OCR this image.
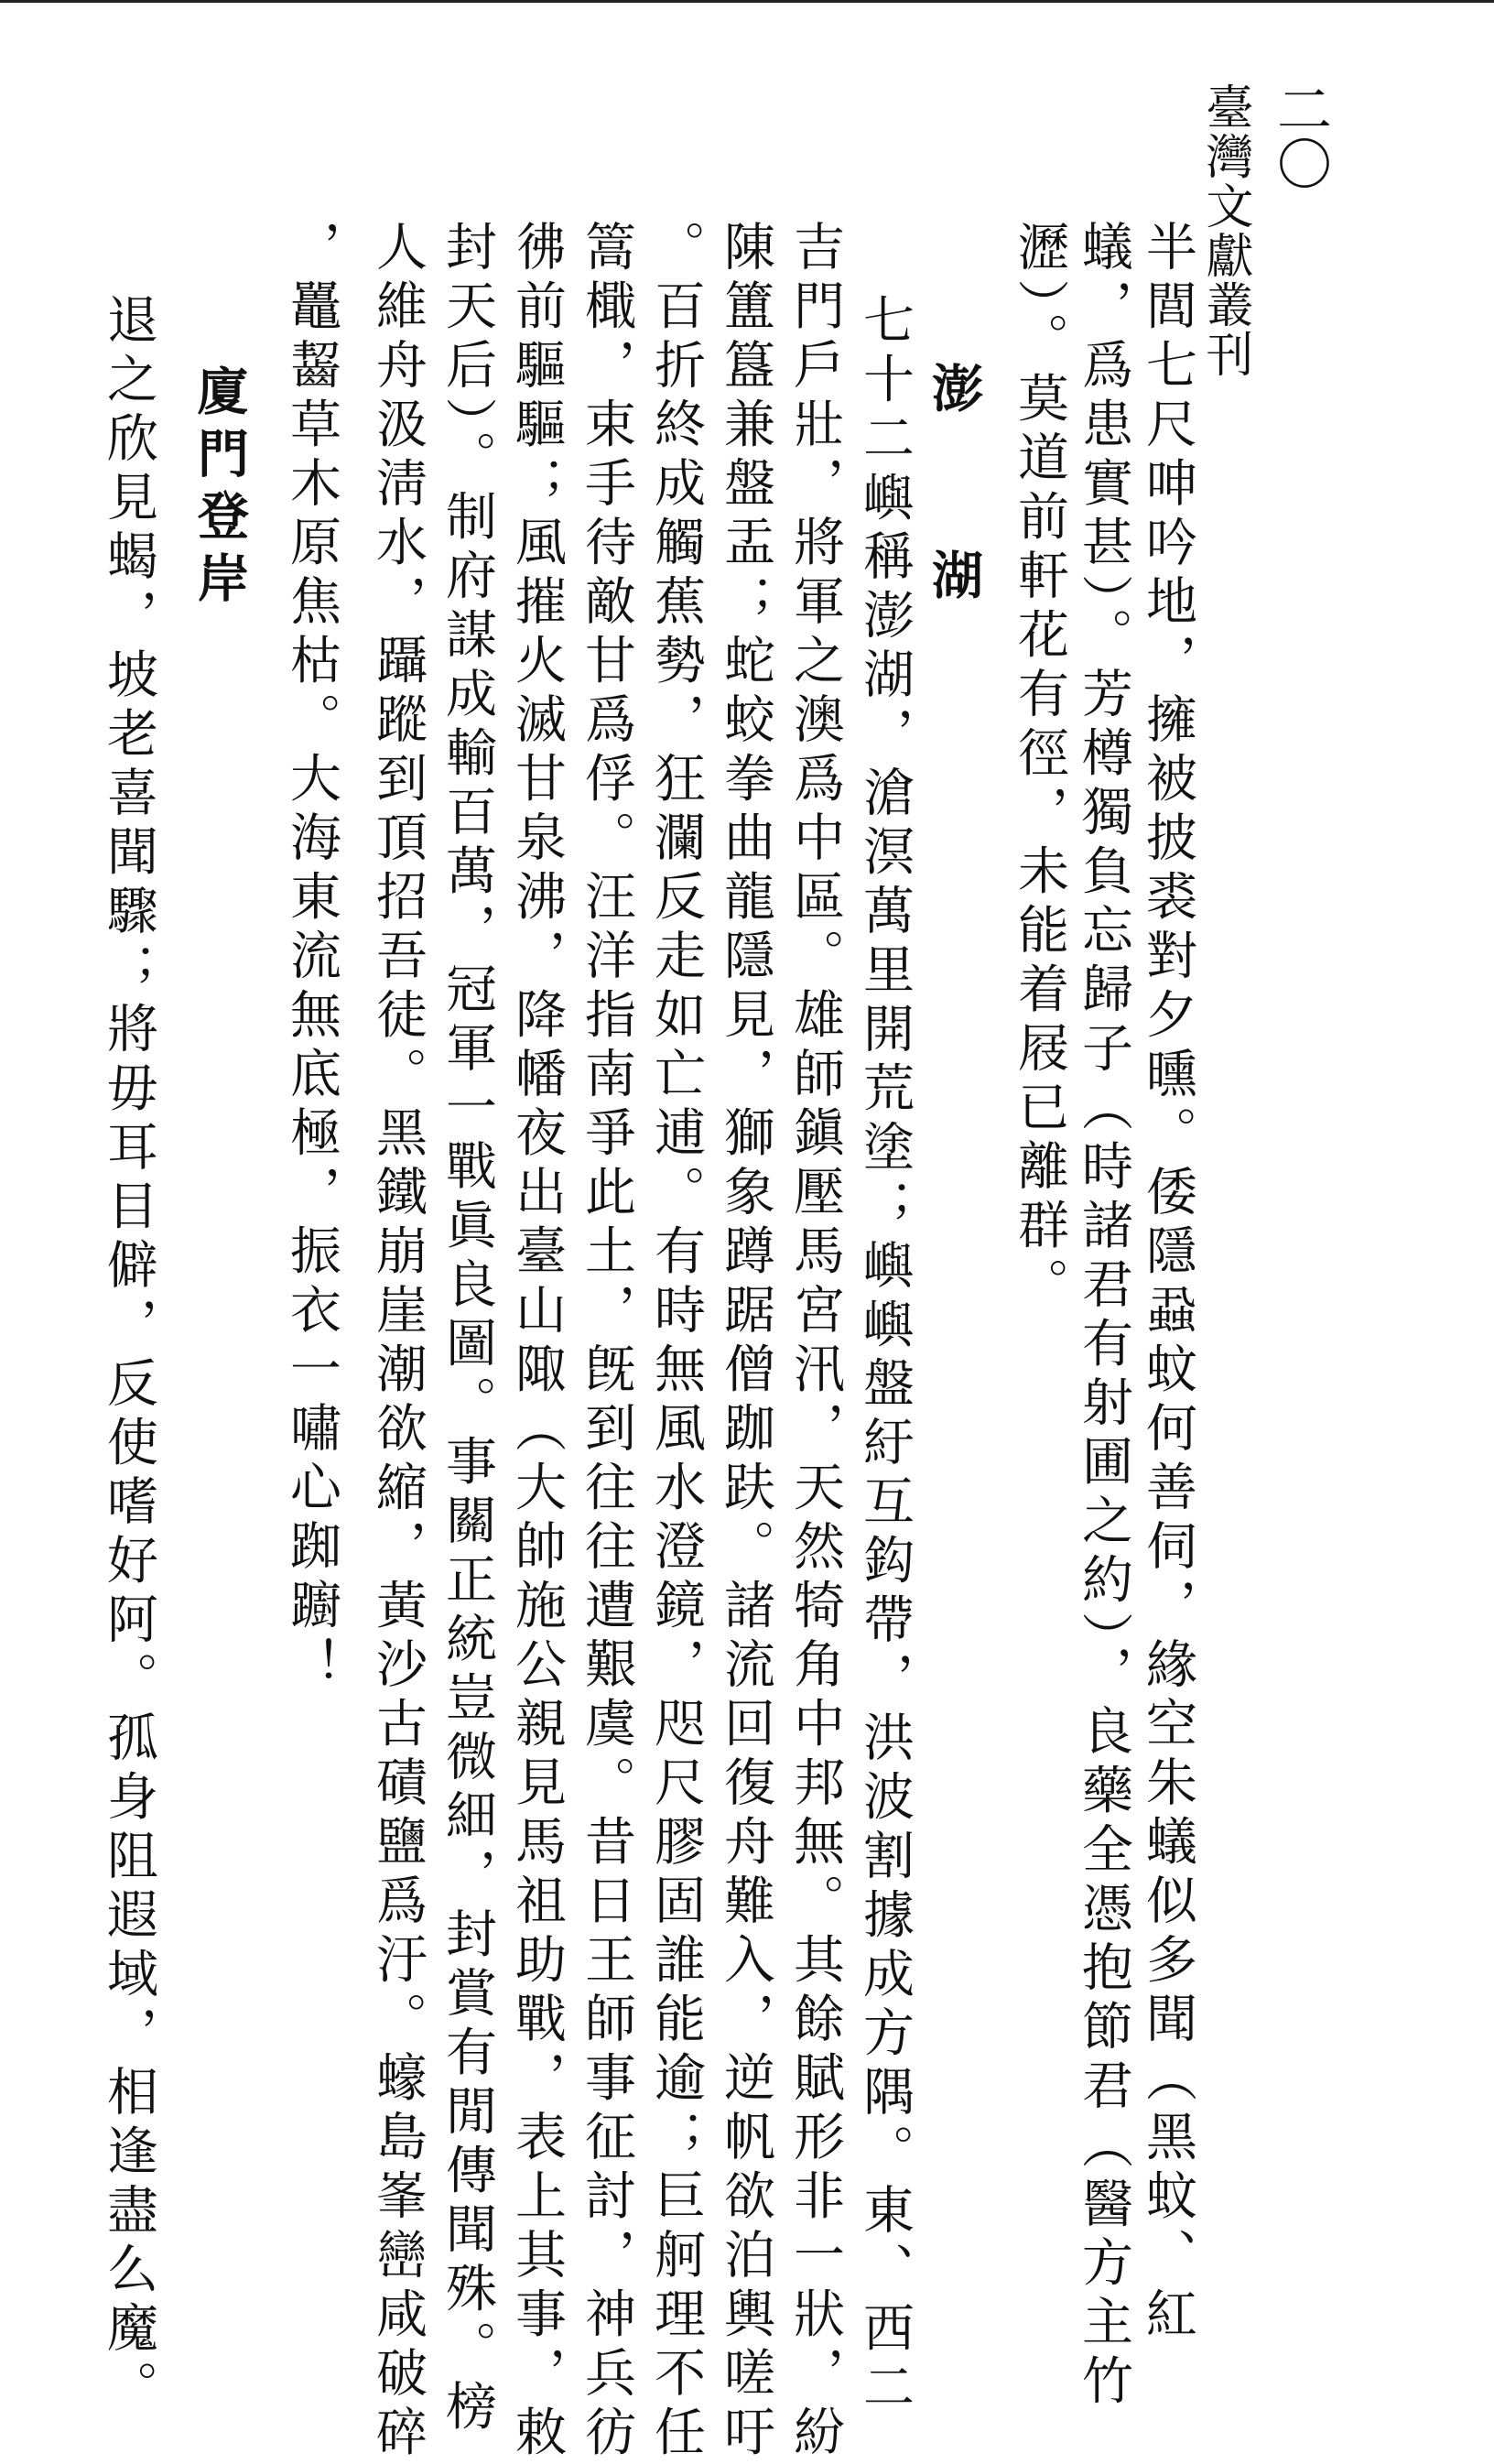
臺灣文獻叢刊 二〇
半閭七尺呻吟地，擁被披裘對夕曛。倭隱蝨蚊何善伺，緣空朱蟻似多聞（黑蚊、紅
蟻，爲患實甚）。芳樽獨負忘歸子（時諸君有射圃之約），良藥全憑抱節君（醫方主竹
瀝）。莫道前軒花有徑，未能着屐已離群。
澎　湖
七十二嶼稱澎湖，滄溟萬里開荒塗；嶼嶼盤紆互鈎帶，洪波割據成方隅。東、西二
吉門戶壯，將軍之澳爲中區。雄師鎭壓馬宮汛，天然犄角中邦無。其餘賦形非一狀，紛
陳簠簋兼盤盂；蛇蛟拳曲龍隱見，獅象蹲踞僧跏趺。諸流回復舟難入，逆帆欲泊輿嗟吁
。百折終成觸蕉勢，狂瀾反走如亡逋。有時無風水澄鏡，咫尺膠固誰能逾；巨舸理不任
篙檝，束手待敵甘爲俘。汪洋指南爭此土，旣到往往遭艱虞。昔日王師事征討，神兵彷
彿前驅驅；風摧火滅甘泉沸，降幡夜出臺山陬（大帥施公親見馬祖助戰，表上其事，敕
封天后）。制府謀成輸百萬，冠軍一戰眞良圖。事關正統豈微細，封賞有閒傳聞殊。榜
人維舟汲淸水，躡蹤到頂招吾徒。黑鐵崩崖潮欲縮，黃沙古磧鹽爲汙。蠔島峯巒咸破碎
，鼉齧草木原焦枯。大海東流無底極，振衣一嘯心踟躕！
廈門登岸
退之欣見蝎，坡老喜聞驟；將毋耳目僻，反使嗜好阿。孤身阻遐域，相逢盡么魔。
